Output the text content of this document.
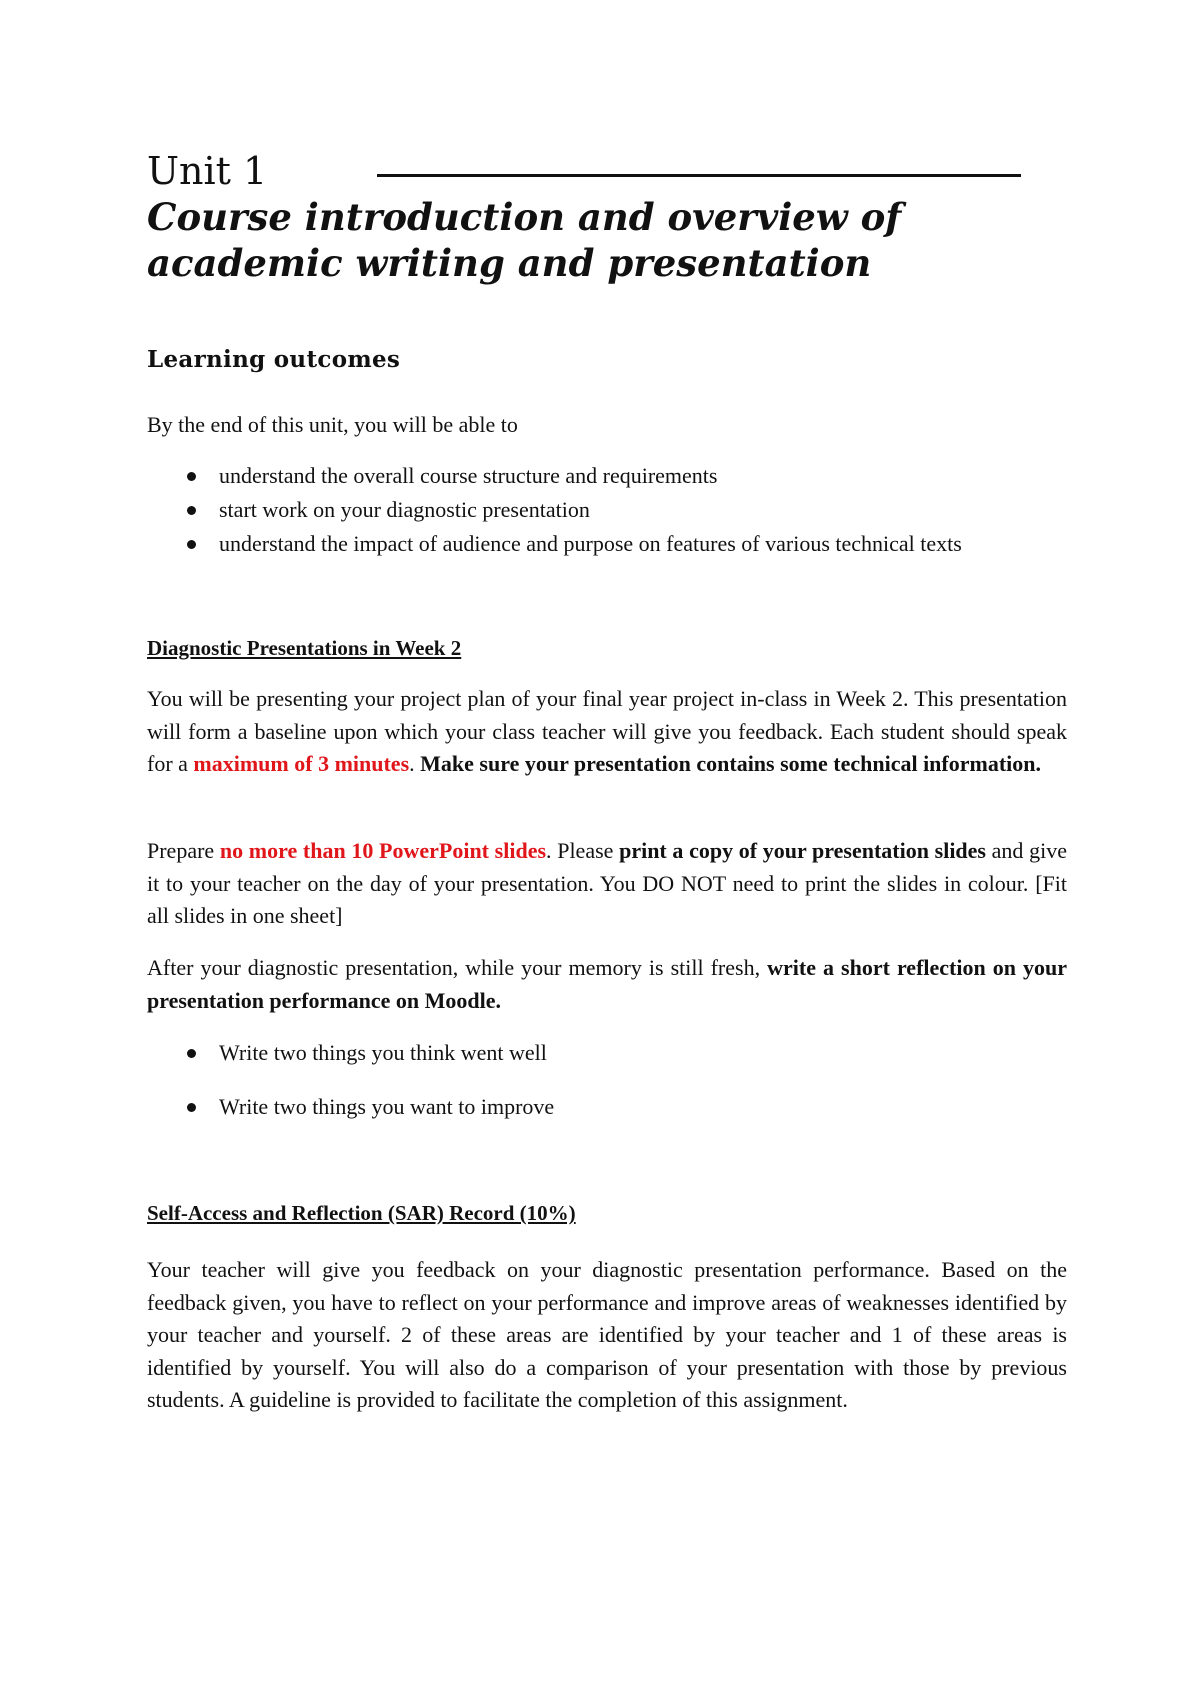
Unit 1
Course introduction and overview of academic writing and presentation
Learning outcomes

By the end of this unit, you will be able to

understand the overall course structure and requirements
start work on your diagnostic presentation
understand the impact of audience and purpose on features of various technical texts
Diagnostic Presentations in Week 2

You will be presenting your project plan of your final year project in-class in Week 2. This presentation will form a baseline upon which your class teacher will give you feedback. Each student should speak for a maximum of 3 minutes. Make sure your presentation contains some technical information.

Prepare no more than 10 PowerPoint slides. Please print a copy of your presentation slides and give it to your teacher on the day of your presentation. You DO NOT need to print the slides in colour. [Fit all slides in one sheet]

After your diagnostic presentation, while your memory is still fresh, write a short reflection on your presentation performance on Moodle.

Write two things you think went well
Write two things you want to improve
Self-Access and Reflection (SAR) Record (10%)

Your teacher will give you feedback on your diagnostic presentation performance. Based on the feedback given, you have to reflect on your performance and improve areas of weaknesses identified by your teacher and yourself. 2 of these areas are identified by your teacher and 1 of these areas is identified by yourself. You will also do a comparison of your presentation with those by previous students. A guideline is provided to facilitate the completion of this assignment.
